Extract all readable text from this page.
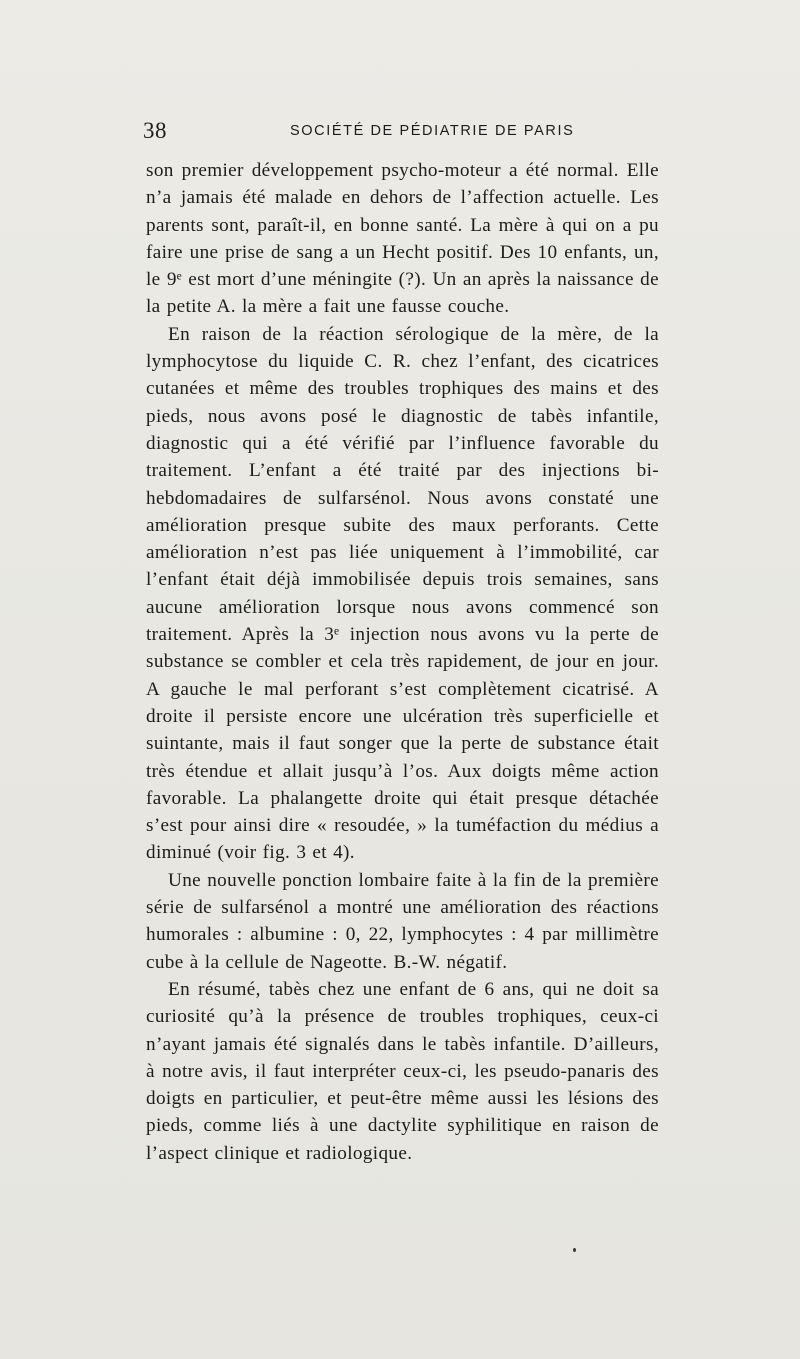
38	SOCIÉTÉ DE PÉDIATRIE DE PARIS

son premier développement psycho-moteur a été normal. Elle n’a jamais été malade en dehors de l’affection actuelle. Les parents sont, paraît-il, en bonne santé. La mère à qui on a pu faire une prise de sang a un Hecht positif. Des 10 enfants, un, le 9ᵉ est mort d’une méningite (?). Un an après la naissance de la petite A. la mère a fait une fausse couche.

En raison de la réaction sérologique de la mère, de la lymphocytose du liquide C. R. chez l’enfant, des cicatrices cutanées et même des troubles trophiques des mains et des pieds, nous avons posé le diagnostic de tabès infantile, diagnostic qui a été vérifié par l’influence favorable du traitement. L’enfant a été traité par des injections bi-hebdomadaires de sulfarsénol. Nous avons constaté une amélioration presque subite des maux perforants. Cette amélioration n’est pas liée uniquement à l’immobilité, car l’enfant était déjà immobilisée depuis trois semaines, sans aucune amélioration lorsque nous avons commencé son traitement. Après la 3ᵉ injection nous avons vu la perte de substance se combler et cela très rapidement, de jour en jour. A gauche le mal perforant s’est complètement cicatrisé. A droite il persiste encore une ulcération très superficielle et suintante, mais il faut songer que la perte de substance était très étendue et allait jusqu’à l’os. Aux doigts même action favorable. La phalangette droite qui était presque détachée s’est pour ainsi dire « resoudée, » la tuméfaction du médius a diminué (voir fig. 3 et 4).

Une nouvelle ponction lombaire faite à la fin de la première série de sulfarsénol a montré une amélioration des réactions humorales : albumine : 0, 22, lymphocytes : 4 par millimètre cube à la cellule de Nageotte. B.-W. négatif.

En résumé, tabès chez une enfant de 6 ans, qui ne doit sa curiosité qu’à la présence de troubles trophiques, ceux-ci n’ayant jamais été signalés dans le tabès infantile. D’ailleurs, à notre avis, il faut interpréter ceux-ci, les pseudo-panaris des doigts en particulier, et peut-être même aussi les lésions des pieds, comme liés à une dactylite syphilitique en raison de l’aspect clinique et radiologique.
